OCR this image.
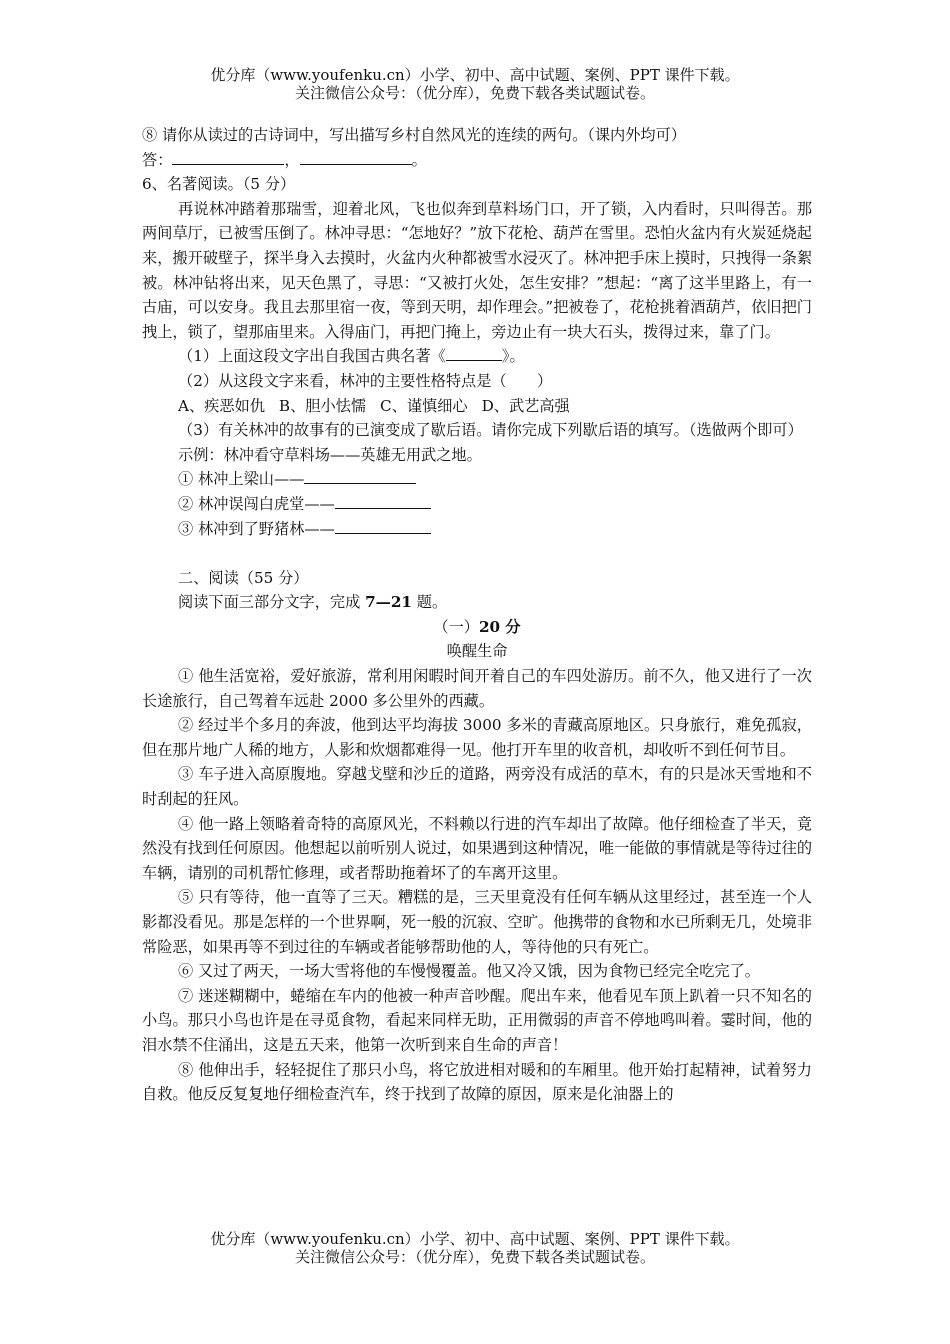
优分库（www.youfenku.cn）小学、初中、高中试题、案例、PPT 课件下载。
关注微信公众号：（优分库），免费下载各类试题试卷。

⑧ 请你从读过的古诗词中，写出描写乡村自然风光的连续的两句。（课内外均可）

答：	，	。

6、名著阅读。（5 分）

再说林冲踏着那瑞雪，迎着北风，飞也似奔到草料场门口，开了锁，入内看时，只叫得苦。那两间草厅，已被雪压倒了。林冲寻思：“怎地好？”放下花枪、葫芦在雪里。恐怕火盆内有火炭延烧起来，搬开破壁子，探半身入去摸时，火盆内火种都被雪水浸灭了。林冲把手床上摸时，只拽得一条絮被。林冲钻将出来，见天色黑了，寻思：“又被打火处，怎生安排？”想起：“离了这半里路上，有一古庙，可以安身。我且去那里宿一夜，等到天明，却作理会。”把被卷了，花枪挑着酒葫芦，依旧把门拽上，锁了，望那庙里来。入得庙门，再把门掩上，旁边止有一块大石头，拨得过来，靠了门。

（1）上面这段文字出自我国古典名著《	》。

（2）从这段文字来看，林冲的主要性格特点是（　　）

A、疾恶如仇 B、胆小怯懦 C、谨慎细心 D、武艺高强

（3）有关林冲的故事有的已演变成了歇后语。请你完成下列歇后语的填写。（选做两个即可）

示例：林冲看守草料场——英雄无用武之地。

① 林冲上梁山——

② 林冲误闯白虎堂——

③ 林冲到了野猪林——

二、阅读（55 分）

阅读下面三部分文字，完成 7—21 题。

（一）20 分

唤醒生命

① 他生活宽裕，爱好旅游，常利用闲暇时间开着自己的车四处游历。前不久，他又进行了一次长途旅行，自己驾着车远赴 2000 多公里外的西藏。

② 经过半个多月的奔波，他到达平均海拔 3000 多米的青藏高原地区。只身旅行，难免孤寂，但在那片地广人稀的地方，人影和炊烟都难得一见。他打开车里的收音机，却收听不到任何节目。

③ 车子进入高原腹地。穿越戈壁和沙丘的道路，两旁没有成活的草木，有的只是冰天雪地和不时刮起的狂风。

④ 他一路上领略着奇特的高原风光，不料赖以行进的汽车却出了故障。他仔细检查了半天，竟然没有找到任何原因。他想起以前听别人说过，如果遇到这种情况，唯一能做的事情就是等待过往的车辆，请别的司机帮忙修理，或者帮助拖着坏了的车离开这里。

⑤ 只有等待，他一直等了三天。糟糕的是，三天里竟没有任何车辆从这里经过，甚至连一个人影都没看见。那是怎样的一个世界啊，死一般的沉寂、空旷。他携带的食物和水已所剩无几，处境非常险恶，如果再等不到过往的车辆或者能够帮助他的人，等待他的只有死亡。

⑥ 又过了两天，一场大雪将他的车慢慢覆盖。他又冷又饿，因为食物已经完全吃完了。

⑦ 迷迷糊糊中，蜷缩在车内的他被一种声音吵醒。爬出车来，他看见车顶上趴着一只不知名的小鸟。那只小鸟也许是在寻觅食物，看起来同样无助，正用微弱的声音不停地鸣叫着。霎时间，他的泪水禁不住涌出，这是五天来，他第一次听到来自生命的声音！

⑧ 他伸出手，轻轻捉住了那只小鸟，将它放进相对暖和的车厢里。他开始打起精神，试着努力自救。他反反复复地仔细检查汽车，终于找到了故障的原因，原来是化油器上的

优分库（www.youfenku.cn）小学、初中、高中试题、案例、PPT 课件下载。
关注微信公众号：（优分库），免费下载各类试题试卷。
